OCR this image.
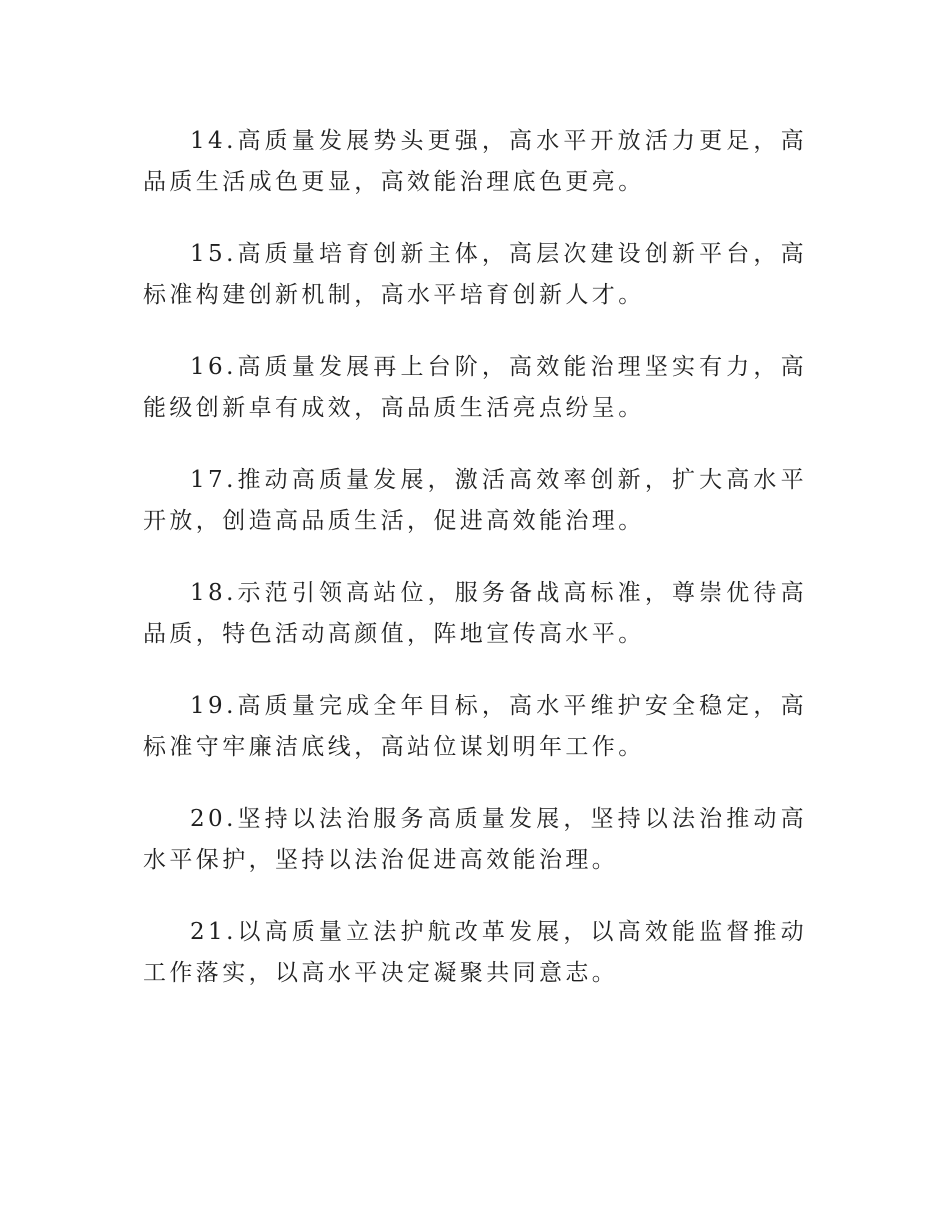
14.高质量发展势头更强，高水平开放活力更足，高品质生活成色更显，高效能治理底色更亮。

15.高质量培育创新主体，高层次建设创新平台，高标准构建创新机制，高水平培育创新人才。

16.高质量发展再上台阶，高效能治理坚实有力，高能级创新卓有成效，高品质生活亮点纷呈。

17.推动高质量发展，激活高效率创新，扩大高水平开放，创造高品质生活，促进高效能治理。

18.示范引领高站位，服务备战高标准，尊崇优待高品质，特色活动高颜值，阵地宣传高水平。

19.高质量完成全年目标，高水平维护安全稳定，高标准守牢廉洁底线，高站位谋划明年工作。

20.坚持以法治服务高质量发展，坚持以法治推动高水平保护，坚持以法治促进高效能治理。

21.以高质量立法护航改革发展，以高效能监督推动工作落实，以高水平决定凝聚共同意志。
